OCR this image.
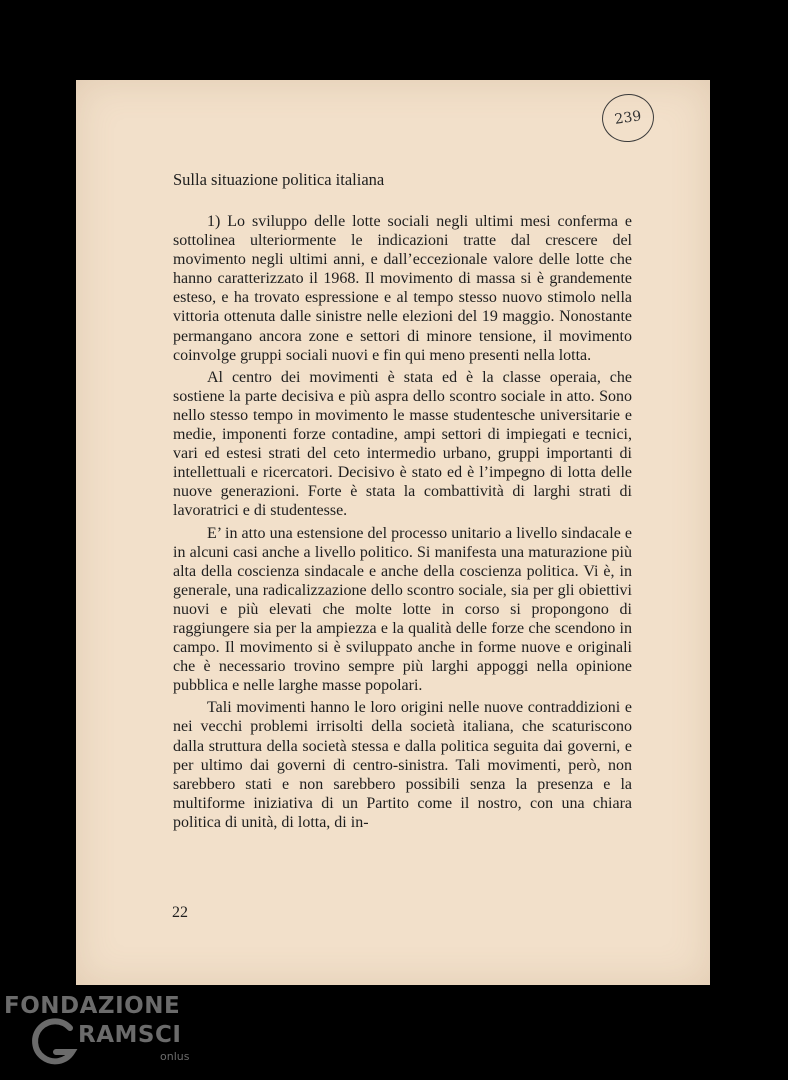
239
Sulla situazione politica italiana

1) Lo sviluppo delle lotte sociali negli ultimi mesi conferma e sottolinea ulteriormente le indicazioni tratte dal crescere del movimento negli ultimi anni, e dall’eccezionale valore delle lotte che hanno caratterizzato il 1968. Il movimento di massa si è grandemente esteso, e ha trovato espressione e al tempo stesso nuovo stimolo nella vittoria ottenuta dalle sinistre nelle elezioni del 19 maggio. Nonostante permangano ancora zone e settori di minore tensione, il movimento coinvolge gruppi sociali nuovi e fin qui meno presenti nella lotta.

Al centro dei movimenti è stata ed è la classe operaia, che sostiene la parte decisiva e più aspra dello scontro sociale in atto. Sono nello stesso tempo in movimento le masse studentesche universitarie e medie, imponenti forze contadine, ampi settori di impiegati e tecnici, vari ed estesi strati del ceto intermedio urbano, gruppi importanti di intellettuali e ricercatori. Decisivo è stato ed è l’impegno di lotta delle nuove generazioni. Forte è stata la combattività di larghi strati di lavoratrici e di studentesse.

E’ in atto una estensione del processo unitario a livello sindacale e in alcuni casi anche a livello politico. Si manifesta una maturazione più alta della coscienza sindacale e anche della coscienza politica. Vi è, in generale, una radicalizzazione dello scontro sociale, sia per gli obiettivi nuovi e più elevati che molte lotte in corso si propongono di raggiungere sia per la ampiezza e la qualità delle forze che scendono in campo. Il movimento si è sviluppato anche in forme nuove e originali che è necessario trovino sempre più larghi appoggi nella opinione pubblica e nelle larghe masse popolari.

Tali movimenti hanno le loro origini nelle nuove contraddizioni e nei vecchi problemi irrisolti della società italiana, che scaturiscono dalla struttura della società stessa e dalla politica seguita dai governi, e per ultimo dai governi di centro-sinistra. Tali movimenti, però, non sarebbero stati e non sarebbero possibili senza la presenza e la multiforme iniziativa di un Partito come il nostro, con una chiara politica di unità, di lotta, di in-

22
FONDAZIONE
RAMSCI
onlus
